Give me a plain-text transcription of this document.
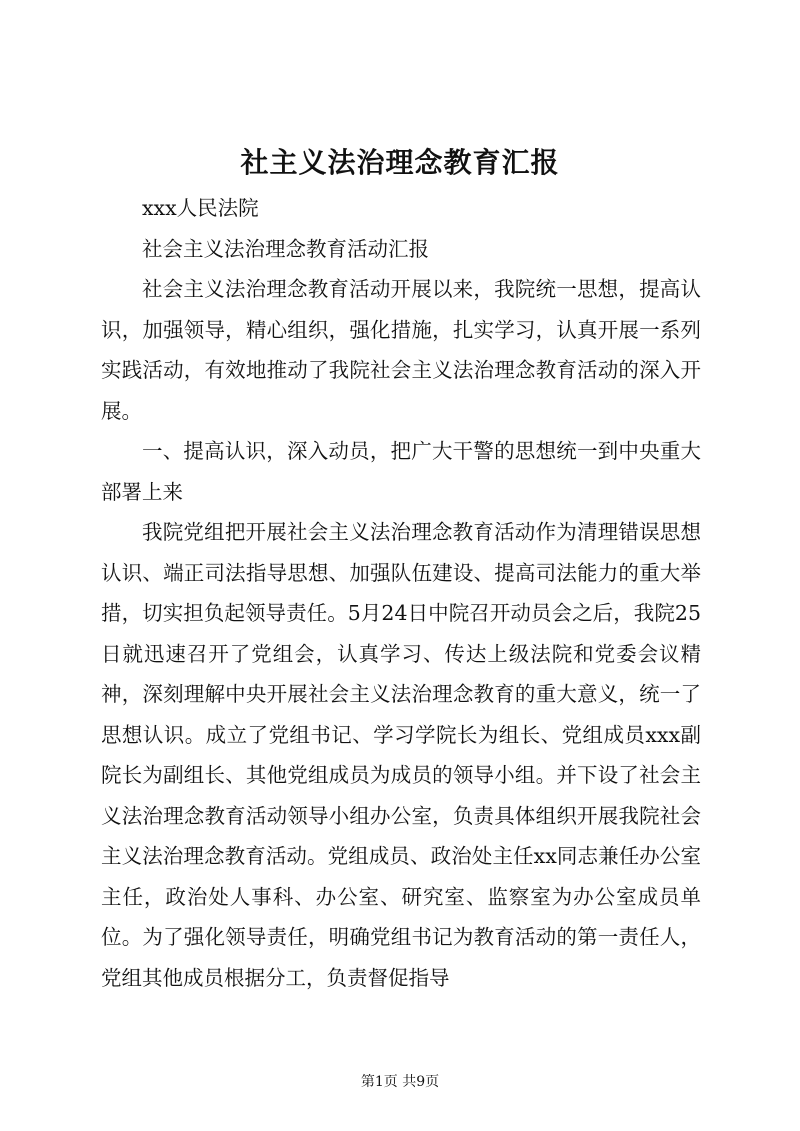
社主义法治理念教育汇报

xxx人民法院

社会主义法治理念教育活动汇报

社会主义法治理念教育活动开展以来，我院统一思想，提高认识，加强领导，精心组织，强化措施，扎实学习，认真开展一系列实践活动，有效地推动了我院社会主义法治理念教育活动的深入开展。

一、提高认识，深入动员，把广大干警的思想统一到中央重大部署上来

我院党组把开展社会主义法治理念教育活动作为清理错误思想认识、端正司法指导思想、加强队伍建设、提高司法能力的重大举措，切实担负起领导责任。5月24日中院召开动员会之后，我院25日就迅速召开了党组会，认真学习、传达上级法院和党委会议精神，深刻理解中央开展社会主义法治理念教育的重大意义，统一了思想认识。成立了党组书记、学习学院长为组长、党组成员xxx副院长为副组长、其他党组成员为成员的领导小组。并下设了社会主义法治理念教育活动领导小组办公室，负责具体组织开展我院社会主义法治理念教育活动。党组成员、政治处主任xx同志兼任办公室主任，政治处人事科、办公室、研究室、监察室为办公室成员单位。为了强化领导责任，明确党组书记为教育活动的第一责任人，党组其他成员根据分工，负责督促指导

第1页 共9页
